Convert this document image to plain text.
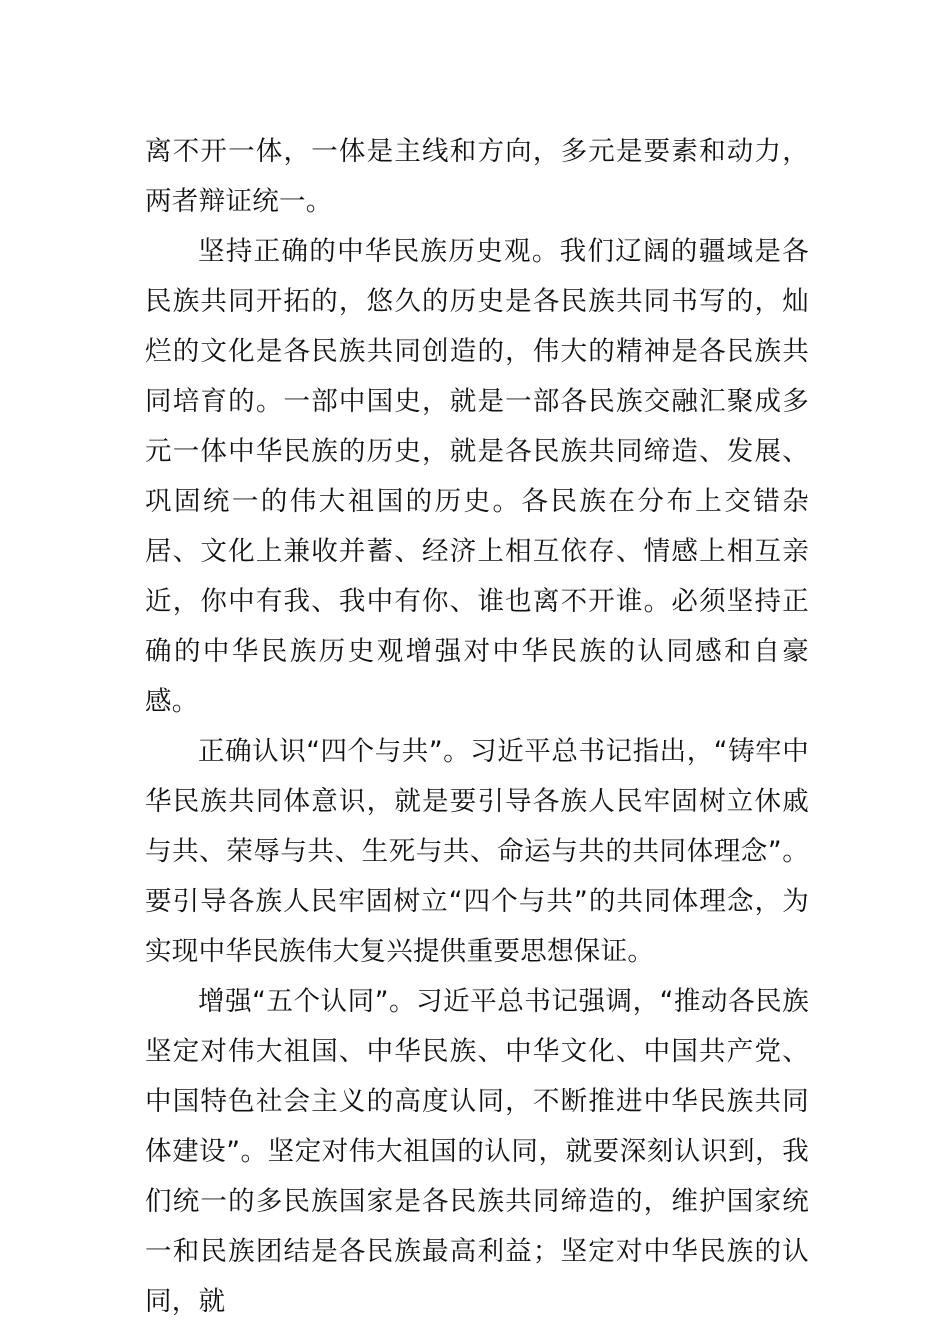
离不开一体，一体是主线和方向，多元是要素和动力，两者辩证统一。

坚持正确的中华民族历史观。我们辽阔的疆域是各民族共同开拓的，悠久的历史是各民族共同书写的，灿烂的文化是各民族共同创造的，伟大的精神是各民族共同培育的。一部中国史，就是一部各民族交融汇聚成多元一体中华民族的历史，就是各民族共同缔造、发展、巩固统一的伟大祖国的历史。各民族在分布上交错杂居、文化上兼收并蓄、经济上相互依存、情感上相互亲近，你中有我、我中有你、谁也离不开谁。必须坚持正确的中华民族历史观增强对中华民族的认同感和自豪感。

正确认识“四个与共”。习近平总书记指出，“铸牢中华民族共同体意识，就是要引导各族人民牢固树立休戚与共、荣辱与共、生死与共、命运与共的共同体理念”。要引导各族人民牢固树立“四个与共”的共同体理念，为实现中华民族伟大复兴提供重要思想保证。

增强“五个认同”。习近平总书记强调，“推动各民族坚定对伟大祖国、中华民族、中华文化、中国共产党、中国特色社会主义的高度认同，不断推进中华民族共同体建设”。坚定对伟大祖国的认同，就要深刻认识到，我们统一的多民族国家是各民族共同缔造的，维护国家统一和民族团结是各民族最高利益；坚定对中华民族的认同，就
